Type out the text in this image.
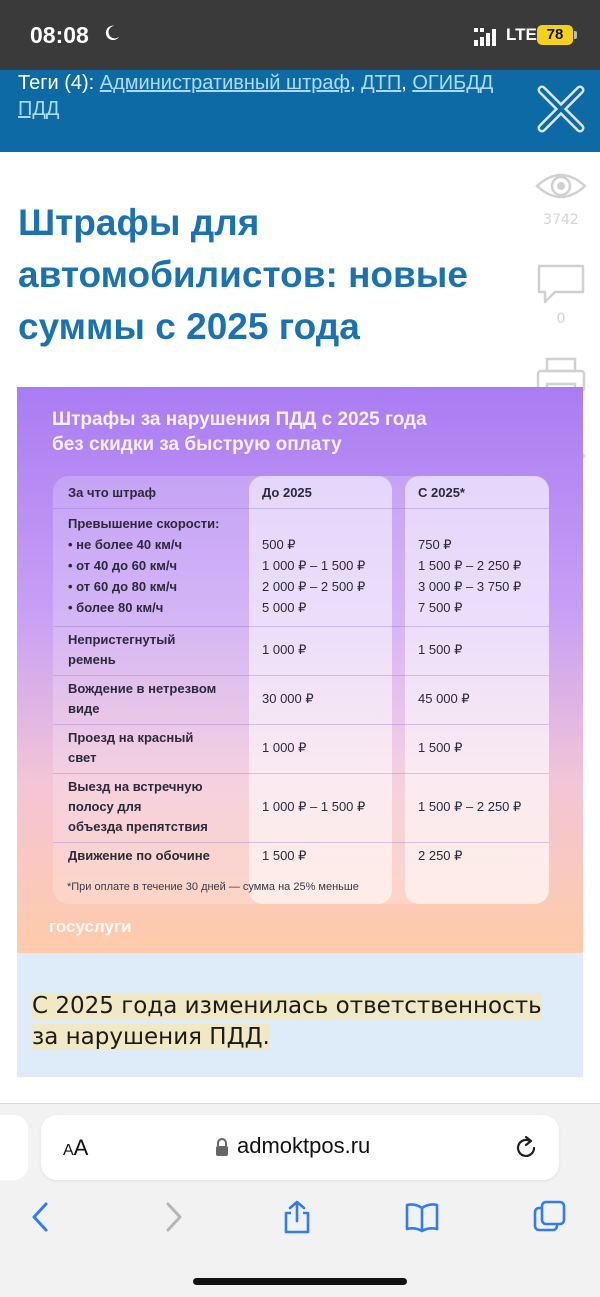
08:08	LTE 78
Теги (4): Административный штраф, ДТП, ОГИБДД
ПДД
Штрафы для автомобилистов: новые суммы с 2025 года
3742
0
Штрафы за нарушения ПДД с 2025 года
без скидки за быструю оплату
За что штраф	До 2025	С 2025*
Превышение скорости:
• не более 40 км/ч	500 ₽	750 ₽
• от 40 до 60 км/ч	1 000 ₽ – 1 500 ₽	1 500 ₽ – 2 250 ₽
• от 60 до 80 км/ч	2 000 ₽ – 2 500 ₽	3 000 ₽ – 3 750 ₽
• более 80 км/ч	5 000 ₽	7 500 ₽
Непристегнутый
ремень
1 000 ₽	1 500 ₽
Вождение в нетрезвом
виде
30 000 ₽	45 000 ₽
Проезд на красный
свет
1 000 ₽	1 500 ₽
Выезд на встречную
полосу для
объезда препятствия
1 000 ₽ – 1 500 ₽	1 500 ₽ – 2 250 ₽
Движение по обочине	1 500 ₽	2 250 ₽
*При оплате в течение 30 дней — сумма на 25% меньше
госуслуги
С 2025 года изменилась ответственность за нарушения ПДД.
AA	admoktpos.ru
